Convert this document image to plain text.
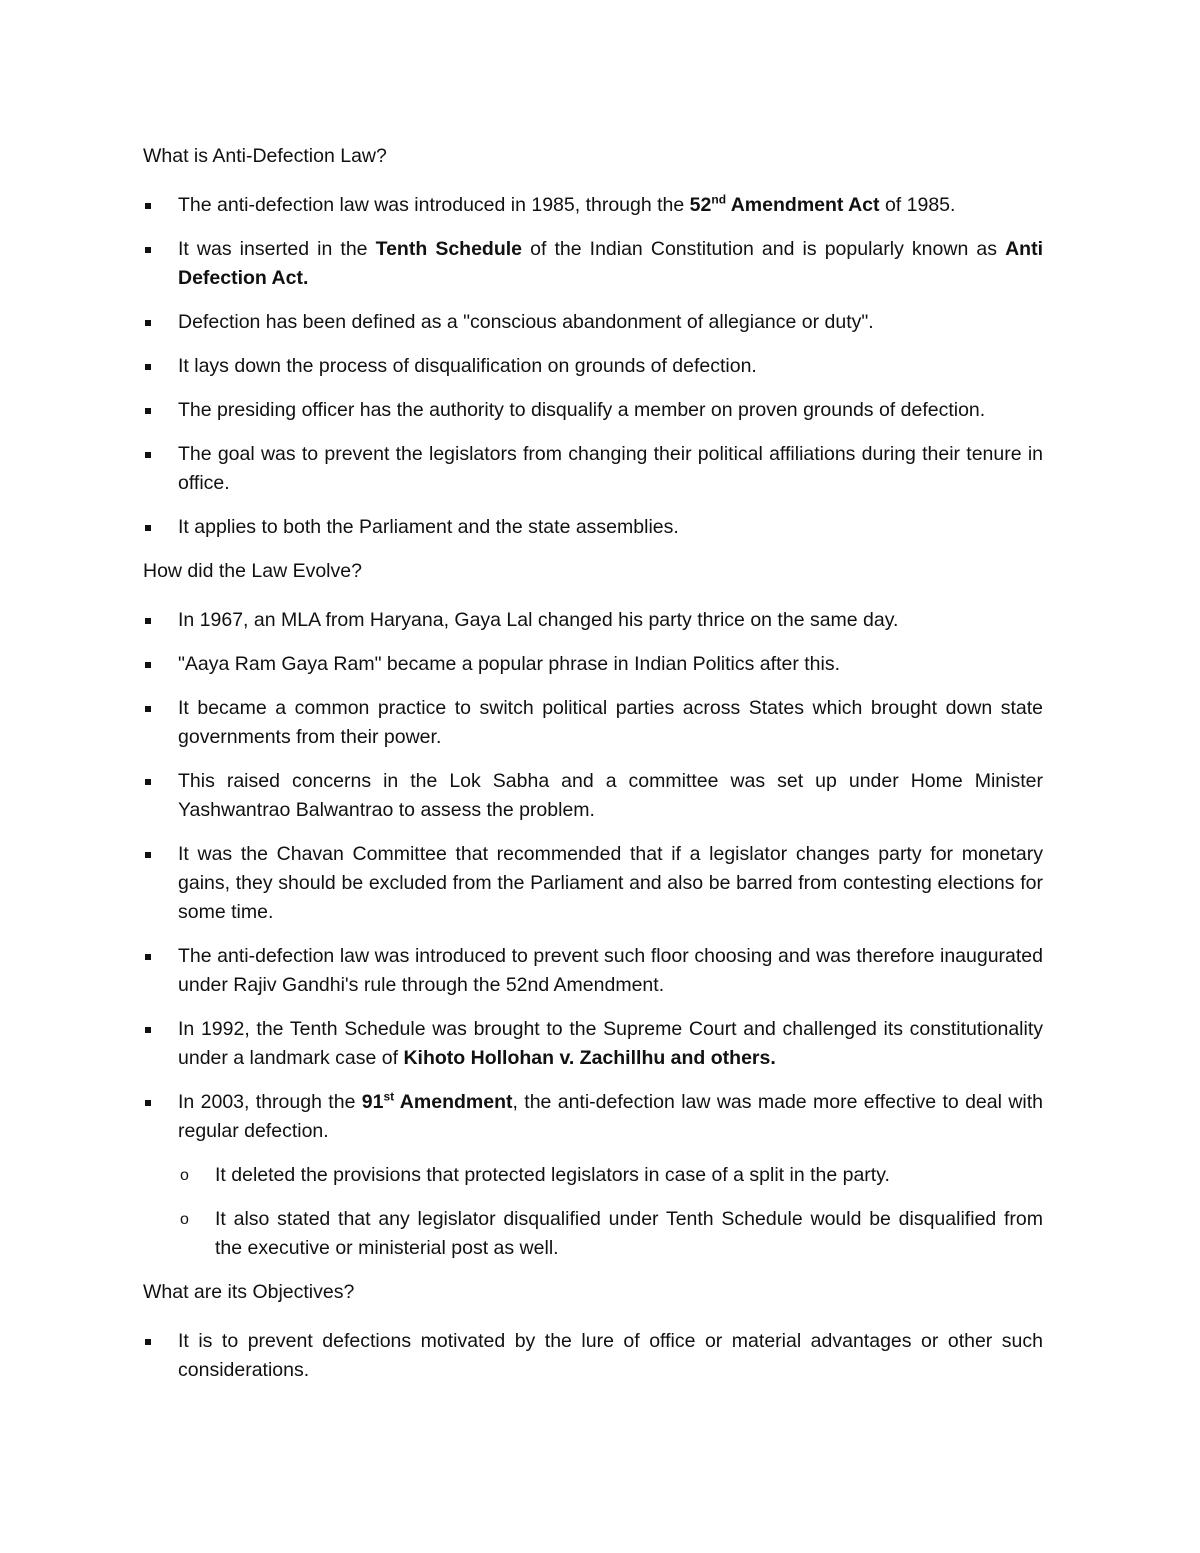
What is Anti-Defection Law?

The anti-defection law was introduced in 1985, through the 52nd Amendment Act of 1985.
It was inserted in the Tenth Schedule of the Indian Constitution and is popularly known as Anti Defection Act.
Defection has been defined as a "conscious abandonment of allegiance or duty".
It lays down the process of disqualification on grounds of defection.
The presiding officer has the authority to disqualify a member on proven grounds of defection.
The goal was to prevent the legislators from changing their political affiliations during their tenure in office.
It applies to both the Parliament and the state assemblies.

How did the Law Evolve?

In 1967, an MLA from Haryana, Gaya Lal changed his party thrice on the same day.
"Aaya Ram Gaya Ram" became a popular phrase in Indian Politics after this.
It became a common practice to switch political parties across States which brought down state governments from their power.
This raised concerns in the Lok Sabha and a committee was set up under Home Minister Yashwantrao Balwantrao to assess the problem.
It was the Chavan Committee that recommended that if a legislator changes party for monetary gains, they should be excluded from the Parliament and also be barred from contesting elections for some time.
The anti-defection law was introduced to prevent such floor choosing and was therefore inaugurated under Rajiv Gandhi's rule through the 52nd Amendment.
In 1992, the Tenth Schedule was brought to the Supreme Court and challenged its constitutionality under a landmark case of Kihoto Hollohan v. Zachillhu and others.
In 2003, through the 91st Amendment, the anti-defection law was made more effective to deal with regular defection.
o It deleted the provisions that protected legislators in case of a split in the party.
o It also stated that any legislator disqualified under Tenth Schedule would be disqualified from the executive or ministerial post as well.

What are its Objectives?

It is to prevent defections motivated by the lure of office or material advantages or other such considerations.
